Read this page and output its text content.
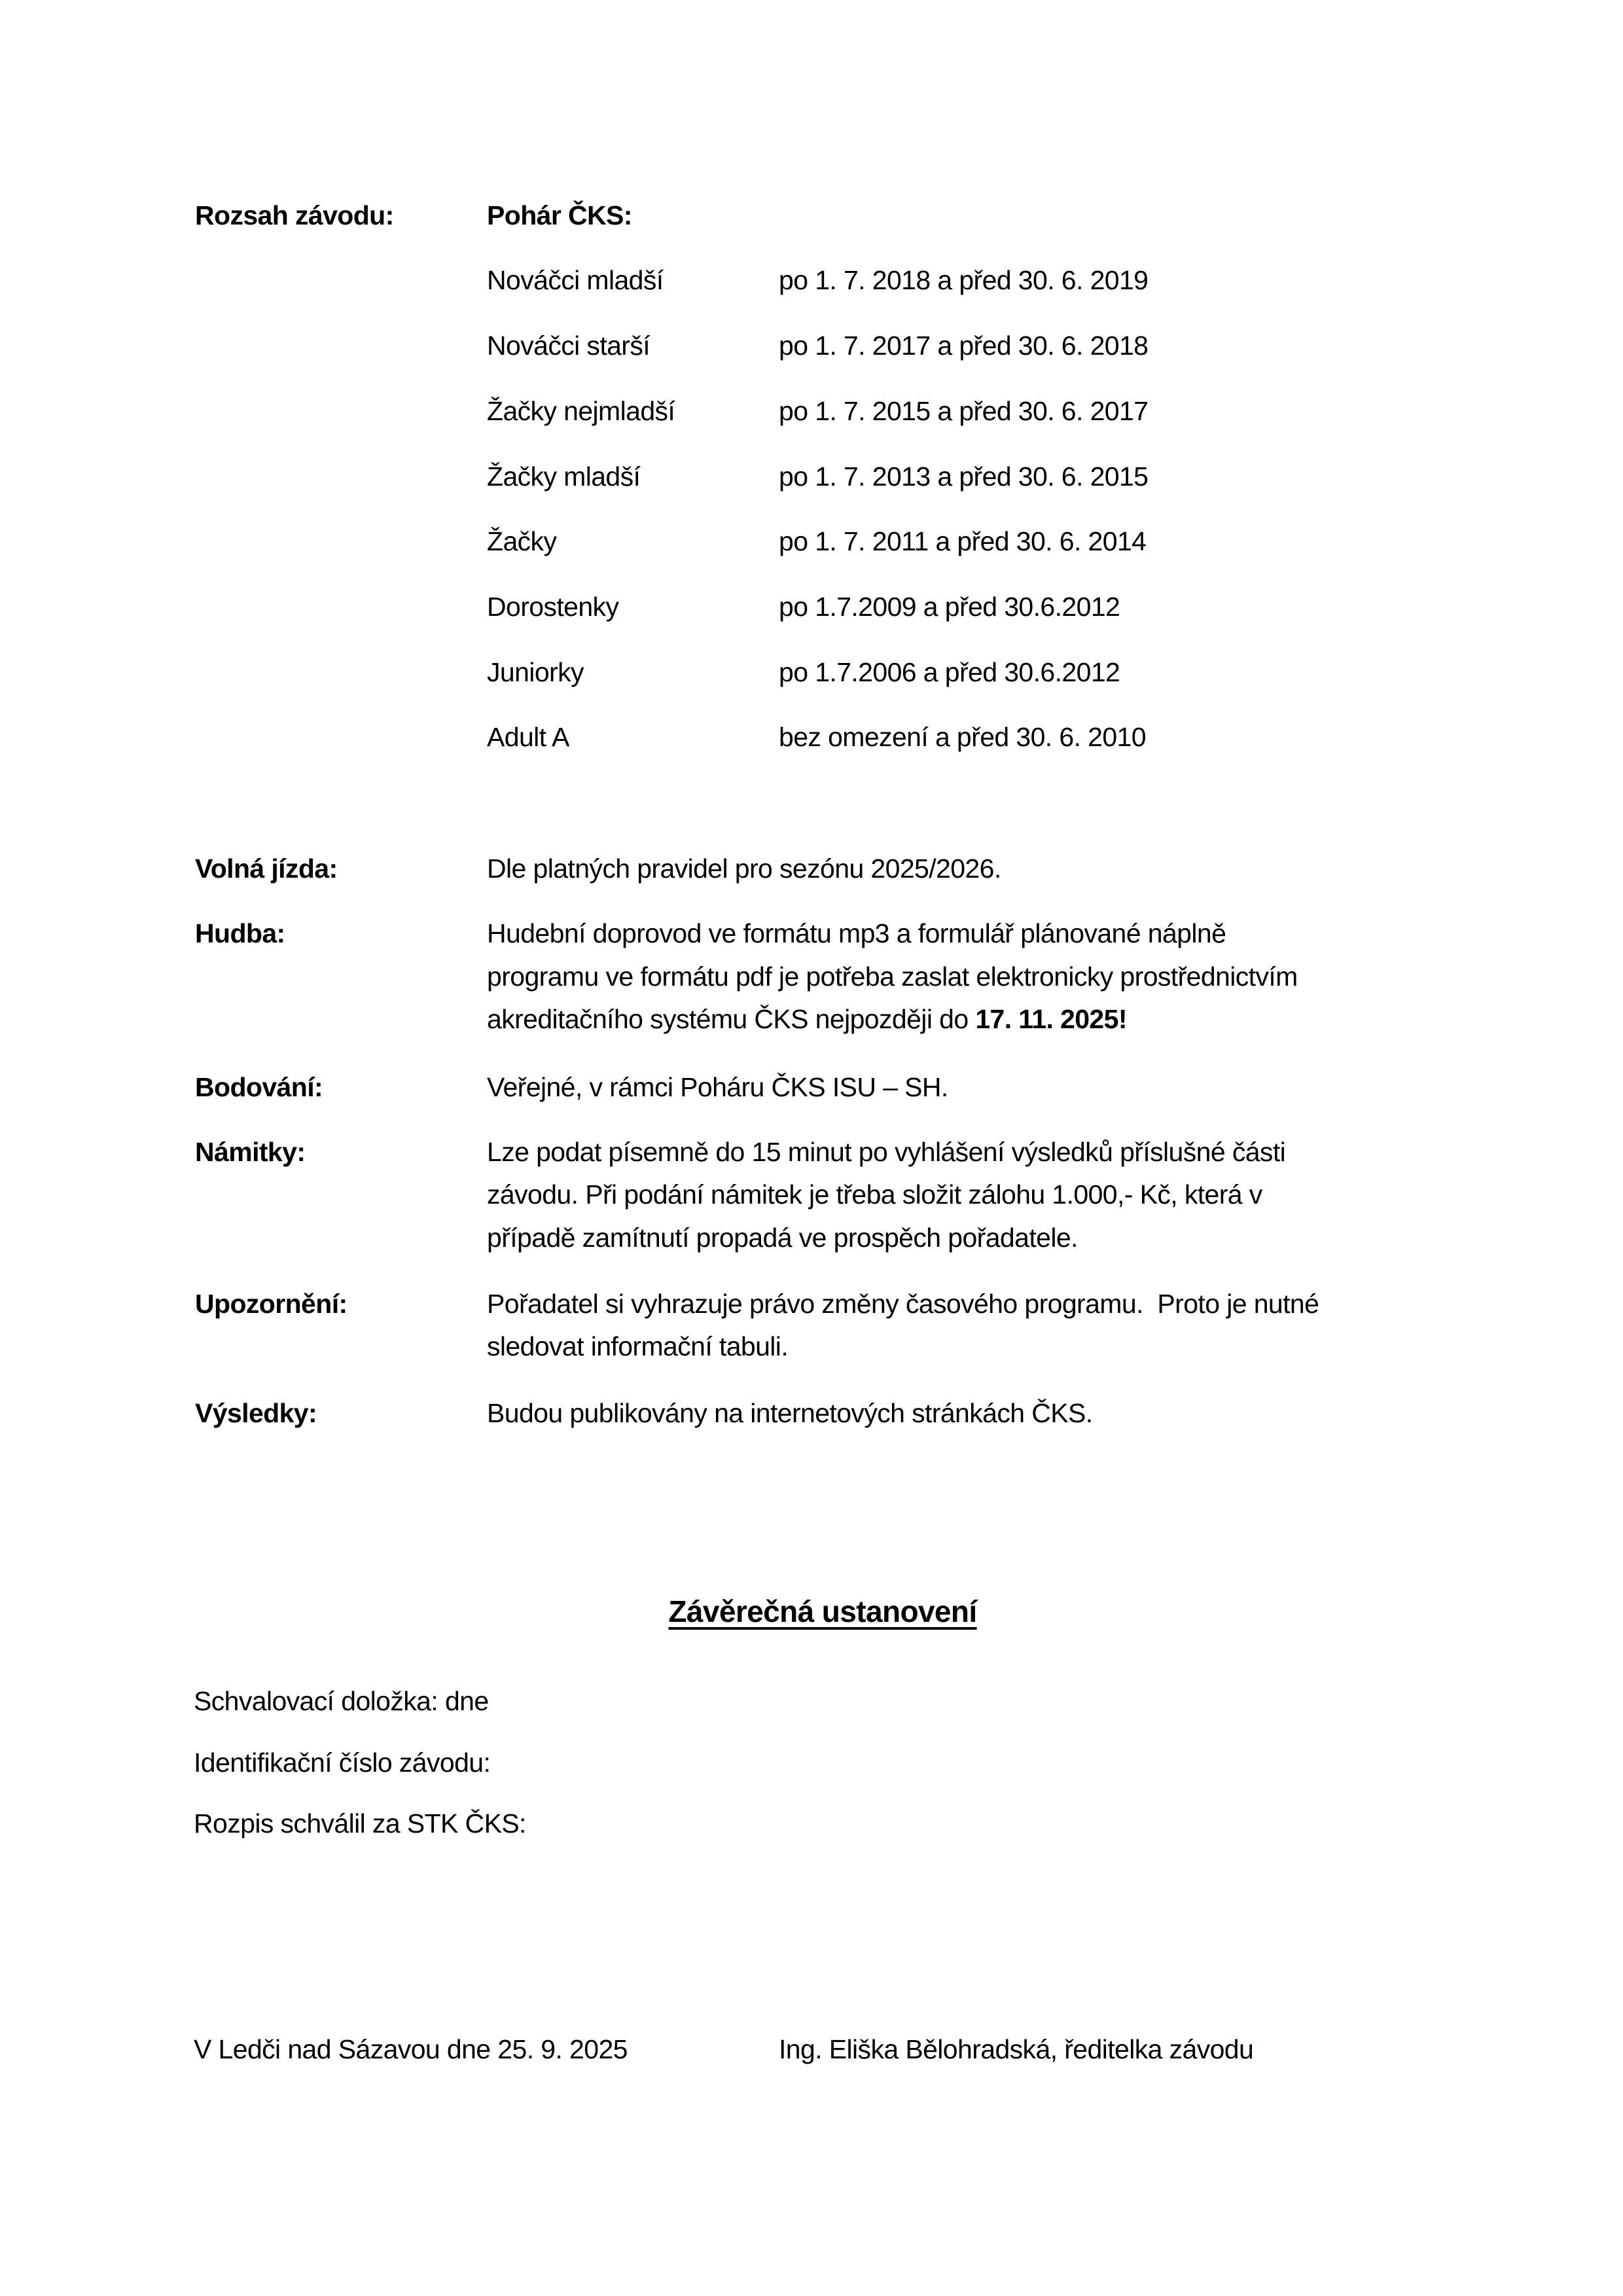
Rozsah závodu:	Pohár ČKS:
Nováčci mladší	po 1. 7. 2018 a před 30. 6. 2019
Nováčci starší	po 1. 7. 2017 a před 30. 6. 2018
Žačky nejmladší	po 1. 7. 2015 a před 30. 6. 2017
Žačky mladší	po 1. 7. 2013 a před 30. 6. 2015
Žačky	po 1. 7. 2011 a před 30. 6. 2014
Dorostenky	po 1.7.2009 a před 30.6.2012
Juniorky	po 1.7.2006 a před 30.6.2012
Adult A	bez omezení a před 30. 6. 2010
Volná jízda:	Dle platných pravidel pro sezónu 2025/2026.
Hudba:	Hudební doprovod ve formátu mp3 a formulář plánované náplně
programu ve formátu pdf je potřeba zaslat elektronicky prostřednictvím
akreditačního systému ČKS nejpozději do 17. 11. 2025!
Bodování:	Veřejné, v rámci Poháru ČKS ISU – SH.
Námitky:	Lze podat písemně do 15 minut po vyhlášení výsledků příslušné části
závodu. Při podání námitek je třeba složit zálohu 1.000,- Kč, která v
případě zamítnutí propadá ve prospěch pořadatele.
Upozornění:	Pořadatel si vyhrazuje právo změny časového programu.  Proto je nutné
sledovat informační tabuli.
Výsledky:	Budou publikovány na internetových stránkách ČKS.
Závěrečná ustanovení
Schvalovací doložka: dne
Identifikační číslo závodu:
Rozpis schválil za STK ČKS:
V Ledči nad Sázavou dne 25. 9. 2025	Ing. Eliška Bělohradská, ředitelka závodu
